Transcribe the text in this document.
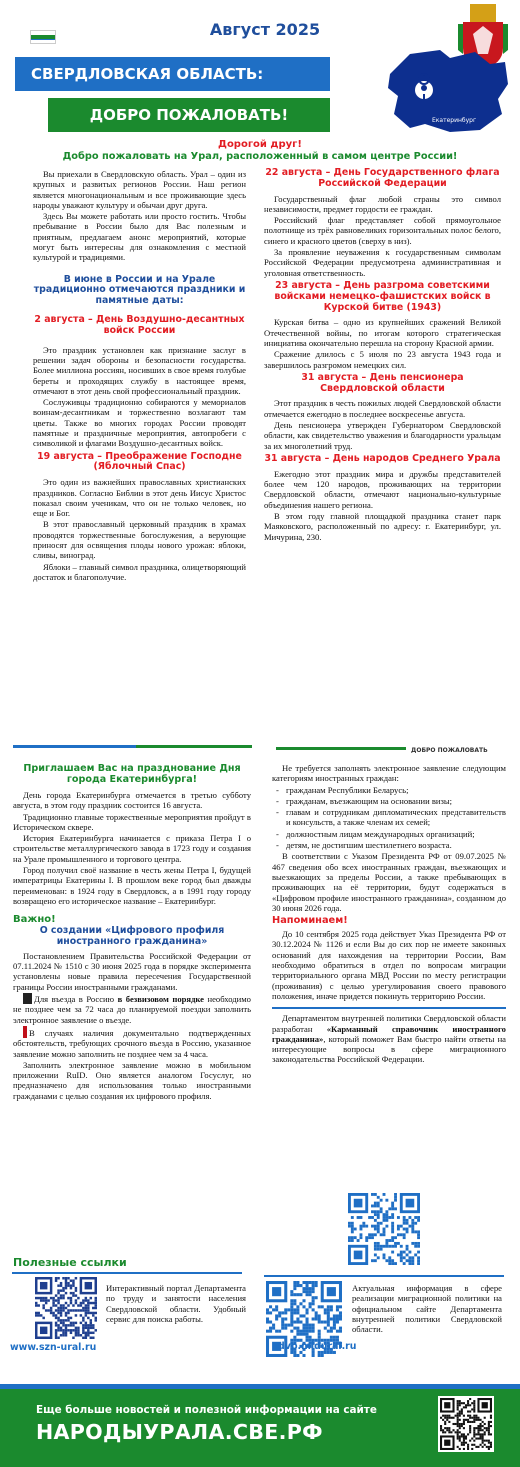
Август 2025
СВЕРДЛОВСКАЯ ОБЛАСТЬ:
ДОБРО ПОЖАЛОВАТЬ!	Екатеринбург
Дорогой друг!
Добро пожаловать на Урал, расположенный в самом центре России!

Вы приехали в Свердловскую область. Урал – один из крупных и развитых регионов России. Наш регион является многонациональным и все проживающие здесь народы уважают культуру и обычаи друг друга.

Здесь Вы можете работать или просто гостить. Чтобы пребывание в России было для Вас полезным и приятным, предлагаем анонс мероприятий, которые могут быть интересны для ознакомления с местной культурой и традициями.

В июне в России и на Урале традиционно отмечаются праздники и памятные даты:
2 августа – День Воздушно-десантных войск России

Это праздник установлен как признание заслуг в решении задач обороны и безопасности государства. Более миллиона россиян, носивших в свое время голубые береты и проходящих службу в настоящее время, отмечают в этот день свой профессиональный праздник.

Сослуживцы традиционно собираются у мемориалов воинам-десантникам и торжественно возлагают там цветы. Также во многих городах России проводят памятные и праздничные мероприятия, автопробеги с символикой и флагами Воздушно-десантных войск.

19 августа – Преображение Господне (Яблочный Спас)

Это один из важнейших православных христианских праздников. Согласно Библии в этот день Иисус Христос показал своим ученикам, что он не только человек, но еще и Бог.

В этот православный церковный праздник в храмах проводятся торжественные богослужения, а верующие приносят для освящения плоды нового урожая: яблоки, сливы, виноград.

Яблоки – главный символ праздника, олицетворяющий достаток и благополучие.

22 августа – День Государственного флага Российской Федерации

Государственный флаг любой страны это символ независимости, предмет гордости ее граждан.

Российский флаг представляет собой прямоугольное полотнище из трёх равновеликих горизонтальных полос белого, синего и красного цветов (сверху в низ).

За проявление неуважения к государственным символам Российской Федерации предусмотрена административная и уголовная ответственность.

23 августа – День разгрома советскими войсками немецко-фашистских войск в Курской битве (1943)

Курская битва – одно из крупнейших сражений Великой Отечественной войны, по итогам которого стратегическая инициатива окончательно перешла на сторону Красной армии.

Сражение длилось с 5 июля по 23 августа 1943 года и завершилось разгромом немецких сил.

31 августа – День пенсионера Свердловской области

Этот праздник в честь пожилых людей Свердловской области отмечается ежегодно в последнее воскресенье августа.

День пенсионера утвержден Губернатором Свердловской области, как свидетельство уважения и благодарности уральцам за их многолетний труд.

31 августа – День народов Среднего Урала

Ежегодно этот праздник мира и дружбы представителей более чем 120 народов, проживающих на территории Свердловской области, отмечают национально-культурные объединения нашего региона.

В этом году главной площадкой праздника станет парк Маяковского, расположенный по адресу: г. Екатеринбург, ул. Мичурина, 230.

ДОБРО ПОЖАЛОВАТЬ
Приглашаем Вас на празднование Дня города Екатеринбурга!

День города Екатеринбурга отмечается в третью субботу августа, в этом году праздник состоится 16 августа.

Традиционно главные торжественные мероприятия пройдут в Историческом сквере.

История Екатеринбурга начинается с приказа Петра I о строительстве металлургического завода в 1723 году и создания на Урале промышленного и торгового центра.

Город получил своё название в честь жены Петра I, будущей императрицы Екатерины I. В прошлом веке город был дважды переименован: в 1924 году в Свердловск, а в 1991 году городу возвращено его историческое название – Екатеринбург.

Важно!
О создании «Цифрового профиля иностранного гражданина»

Постановлением Правительства Российской Федерации от 07.11.2024 № 1510 с 30 июня 2025 года в порядке эксперимента установлены новые правила пересечения Государственной границы России иностранными гражданами.

Для въезда в Россию в безвизовом порядке необходимо не позднее чем за 72 часа до планируемой поездки заполнить электронное заявление о въезде.

В случаях наличия документально подтвержденных обстоятельств, требующих срочного въезда в Россию, указанное заявление можно заполнить не позднее чем за 4 часа.

Заполнить электронное заявление можно в мобильном приложении RuID. Оно является аналогом Госуслуг, но предназначено для использования только иностранными гражданами с целью создания их цифрового профиля.

Не требуется заполнять электронное заявление следующим категориям иностранных граждан:

- гражданам Республики Беларусь;
- гражданам, въезжающим на основании визы;
- главам и сотрудникам дипломатических представительств и консульств, а также членам их семей;
- должностным лицам международных организаций;
- детям, не достигшим шестилетнего возраста.

В соответствии с Указом Президента РФ от 09.07.2025 № 467 сведения обо всех иностранных граждан, въезжающих и выезжающих за пределы России, а также пребывающих в проживающих на её территории, будут содержаться в «Цифровом профиле иностранного гражданина», созданном до 30 июня 2026 года.

Напоминаем!

До 10 сентября 2025 года действует Указ Президента РФ от 30.12.2024 № 1126 и если Вы до сих пор не имеете законных оснований для нахождения на территории России, Вам необходимо обратиться в отдел по вопросам миграции территориального органа МВД России по месту регистрации (проживания) с целью урегулирования своего правового положения, иначе придется покинуть территорию России.

Департаментом внутренней политики Свердловской области разработан «Карманный справочник иностранного гражданина», который поможет Вам быстро найти ответы на интересующие вопросы в сфере миграционного законодательства Российской Федерации.

Полезные ссылки

Интерактивный портал Департамента по труду и занятости населения Свердловской области. Удобный сервис для поиска работы.

www.szn-ural.ru

Актуальная информация в сфере реализации миграционной политики на официальном сайте Департамента внутренней политики Свердловской области.

dvp.midural.ru
Еще больше новостей и полезной информации на сайте
НАРОДЫУРАЛА.СВЕ.РФ
